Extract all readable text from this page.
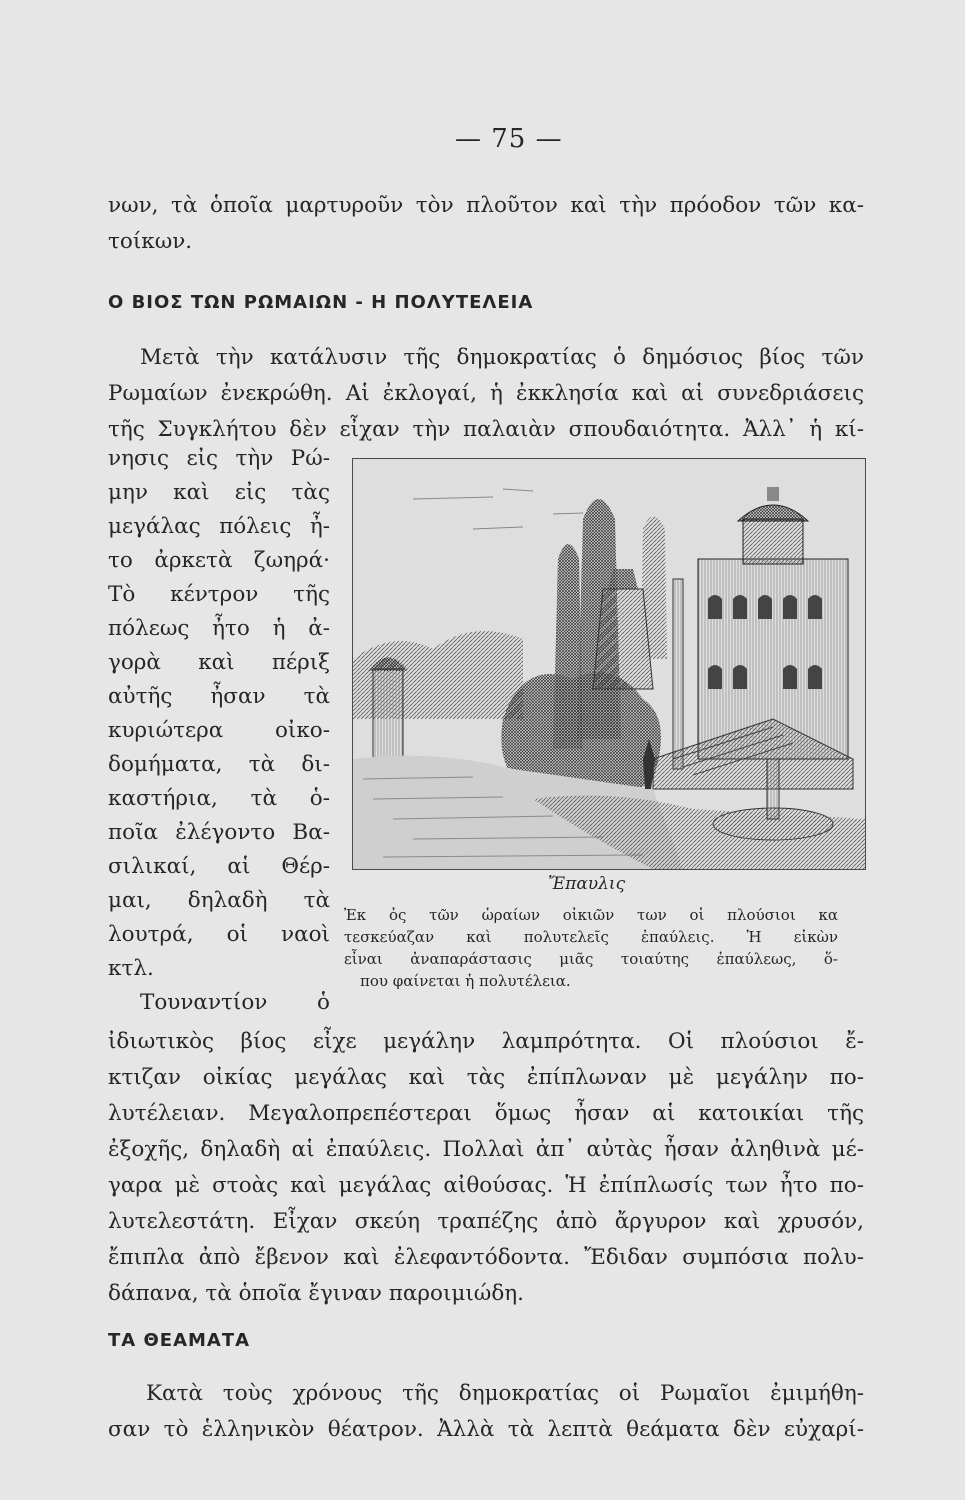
— 75 —
νων, τὰ ὁποῖα μαρτυροῦν τὸν πλοῦτον καὶ τὴν πρόοδον τῶν κα-
τοίκων.
Ο ΒΙΟΣ ΤΩΝ ΡΩΜΑΙΩΝ - Η ΠΟΛΥΤΕΛΕΙΑ
Μετὰ τὴν κατάλυσιν τῆς δημοκρατίας ὁ δημόσιος βίος τῶν
Ρωμαίων ἐνεκρώθη. Αἱ ἐκλογαί, ἡ ἐκκλησία καὶ αἱ συνεδριάσεις
τῆς Συγκλήτου δὲν εἶχαν τὴν παλαιὰν σπουδαιότητα. Ἀλλ᾿ ἡ κί-
νησις εἰς τὴν Ρώ-
μην καὶ εἰς τὰς
μεγάλας πόλεις ἦ-
το ἀρκετὰ ζωηρά·
Τὸ κέντρον τῆς
πόλεως ἦτο ἡ ἀ-
γορὰ καὶ πέριξ
αὐτῆς ἦσαν τὰ
κυριώτερα οἰκο-
δομήματα, τὰ δι-
καστήρια, τὰ ὁ-
ποῖα ἐλέγοντο Βα-
σιλικαί, αἱ Θέρ-
μαι, δηλαδὴ τὰ
λουτρά, οἱ ναοὶ
κτλ.
Τουναντίον ὁ
Ἔπαυλις
Ἐκ ὀς τῶν ὡραίων οἰκιῶν των οἱ πλούσιοι κα
τεσκεύαζαν καὶ πολυτελεῖς ἐπαύλεις. Ἡ εἰκὼν
εἶναι ἀναπαράστασις μιᾶς τοιαύτης ἐπαύλεως, ὅ-
που φαίνεται ἡ πολυτέλεια.
ἰδιωτικὸς βίος εἶχε μεγάλην λαμπρότητα. Οἱ πλούσιοι ἔ-
κτιζαν οἰκίας μεγάλας καὶ τὰς ἐπίπλωναν μὲ μεγάλην πο-
λυτέλειαν. Μεγαλοπρεπέστεραι ὅμως ἦσαν αἱ κατοικίαι τῆς
ἐξοχῆς, δηλαδὴ αἱ ἐπαύλεις. Πολλαὶ ἀπ᾿ αὐτὰς ἦσαν ἀληθινὰ μέ-
γαρα μὲ στοὰς καὶ μεγάλας αἰθούσας. Ἡ ἐπίπλωσίς των ἦτο πο-
λυτελεστάτη. Εἶχαν σκεύη τραπέζης ἀπὸ ἄργυρον καὶ χρυσόν,
ἔπιπλα ἀπὸ ἔβενον καὶ ἐλεφαντόδοντα. Ἔδιδαν συμπόσια πολυ-
δάπανα, τὰ ὁποῖα ἔγιναν παροιμιώδη.
ΤΑ ΘΕΑΜΑΤΑ
Κατὰ τοὺς χρόνους τῆς δημοκρατίας οἱ Ρωμαῖοι ἐμιμήθη-
σαν τὸ ἑλληνικὸν θέατρον. Ἀλλὰ τὰ λεπτὰ θεάματα δὲν εὐχαρί-
